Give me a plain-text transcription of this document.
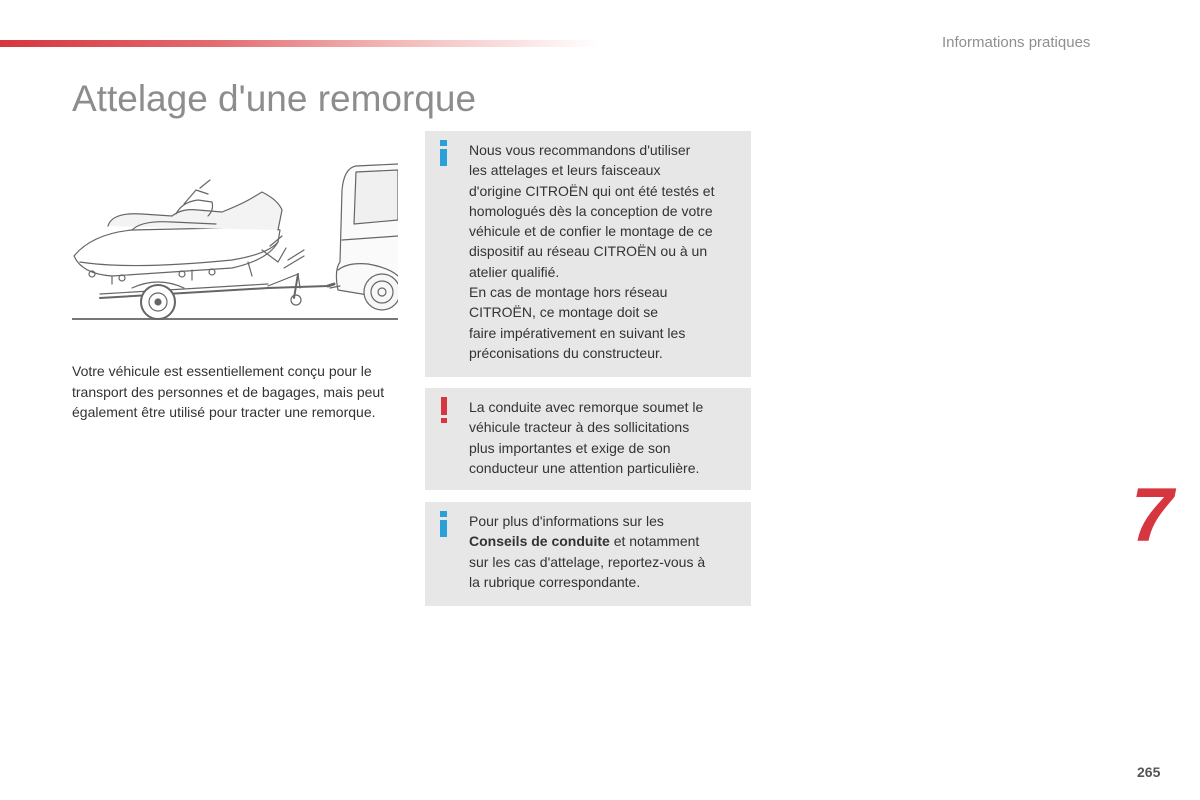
Informations pratiques
Attelage d'une remorque
Votre véhicule est essentiellement conçu pour le transport des personnes et de bagages, mais peut également être utilisé pour tracter une remorque.
Nous vous recommandons d'utiliser
les attelages et leurs faisceaux
d'origine CITROËN qui ont été testés et
homologués dès la conception de votre
véhicule et de confier le montage de ce
dispositif au réseau CITROËN ou à un
atelier qualifié.
En cas de montage hors réseau
CITROËN, ce montage doit se
faire impérativement en suivant les
préconisations du constructeur.
La conduite avec remorque soumet le
véhicule tracteur à des sollicitations
plus importantes et exige de son
conducteur une attention particulière.
Pour plus d'informations sur les
Conseils de conduite et notamment
sur les cas d'attelage, reportez-vous à
la rubrique correspondante.
7
265
